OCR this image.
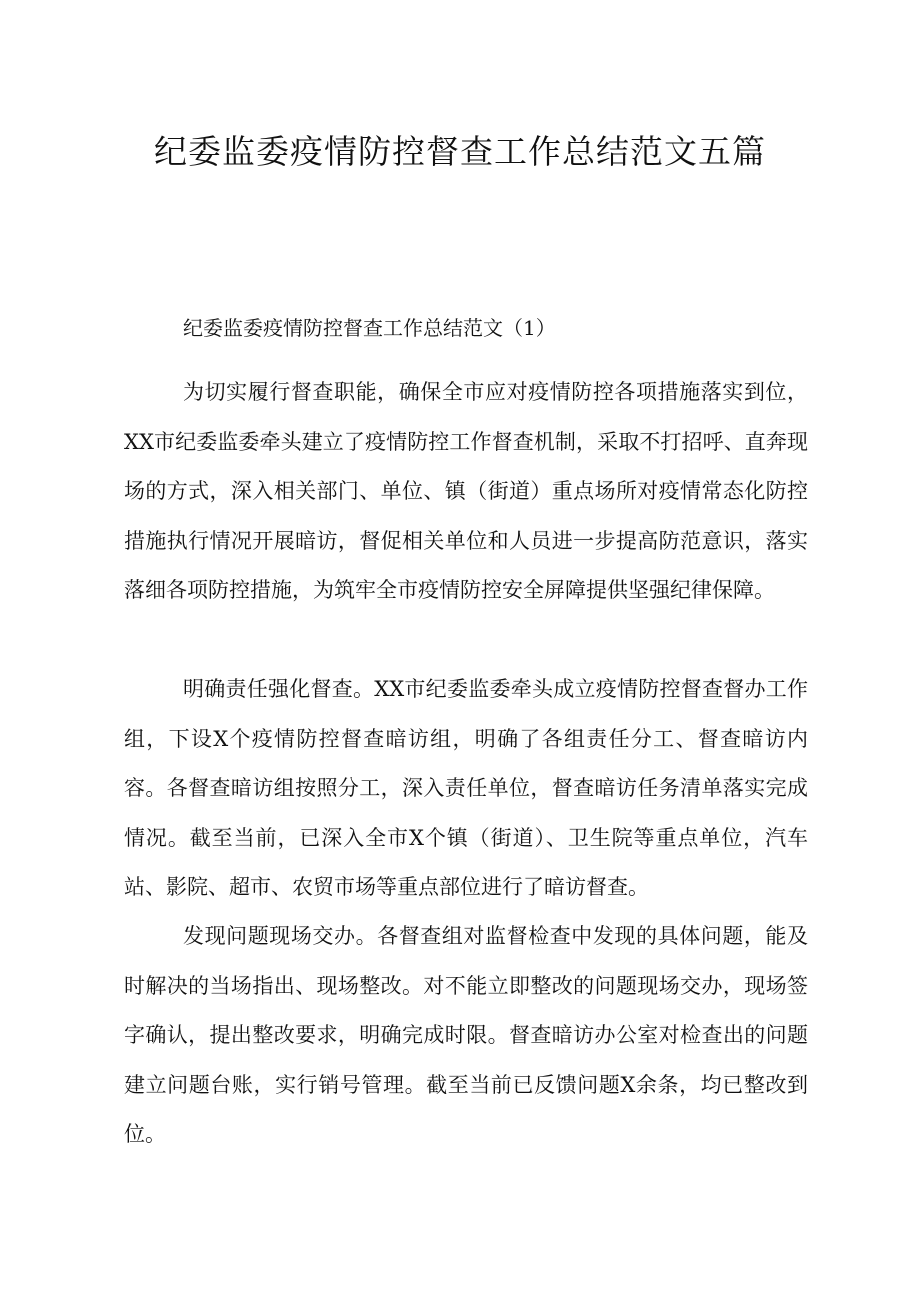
纪委监委疫情防控督查工作总结范文五篇
纪委监委疫情防控督查工作总结范文（1）

为切实履行督查职能，确保全市应对疫情防控各项措施落实到位，XX市纪委监委牵头建立了疫情防控工作督查机制，采取不打招呼、直奔现场的方式，深入相关部门、单位、镇（街道）重点场所对疫情常态化防控措施执行情况开展暗访，督促相关单位和人员进一步提高防范意识，落实落细各项防控措施，为筑牢全市疫情防控安全屏障提供坚强纪律保障。

明确责任强化督查。XX市纪委监委牵头成立疫情防控督查督办工作组，下设X个疫情防控督查暗访组，明确了各组责任分工、督查暗访内容。各督查暗访组按照分工，深入责任单位，督查暗访任务清单落实完成情况。截至当前，已深入全市X个镇（街道）、卫生院等重点单位，汽车站、影院、超市、农贸市场等重点部位进行了暗访督查。

发现问题现场交办。各督查组对监督检查中发现的具体问题，能及时解决的当场指出、现场整改。对不能立即整改的问题现场交办，现场签字确认，提出整改要求，明确完成时限。督查暗访办公室对检查出的问题建立问题台账，实行销号管理。截至当前已反馈问题X余条，均已整改到位。
